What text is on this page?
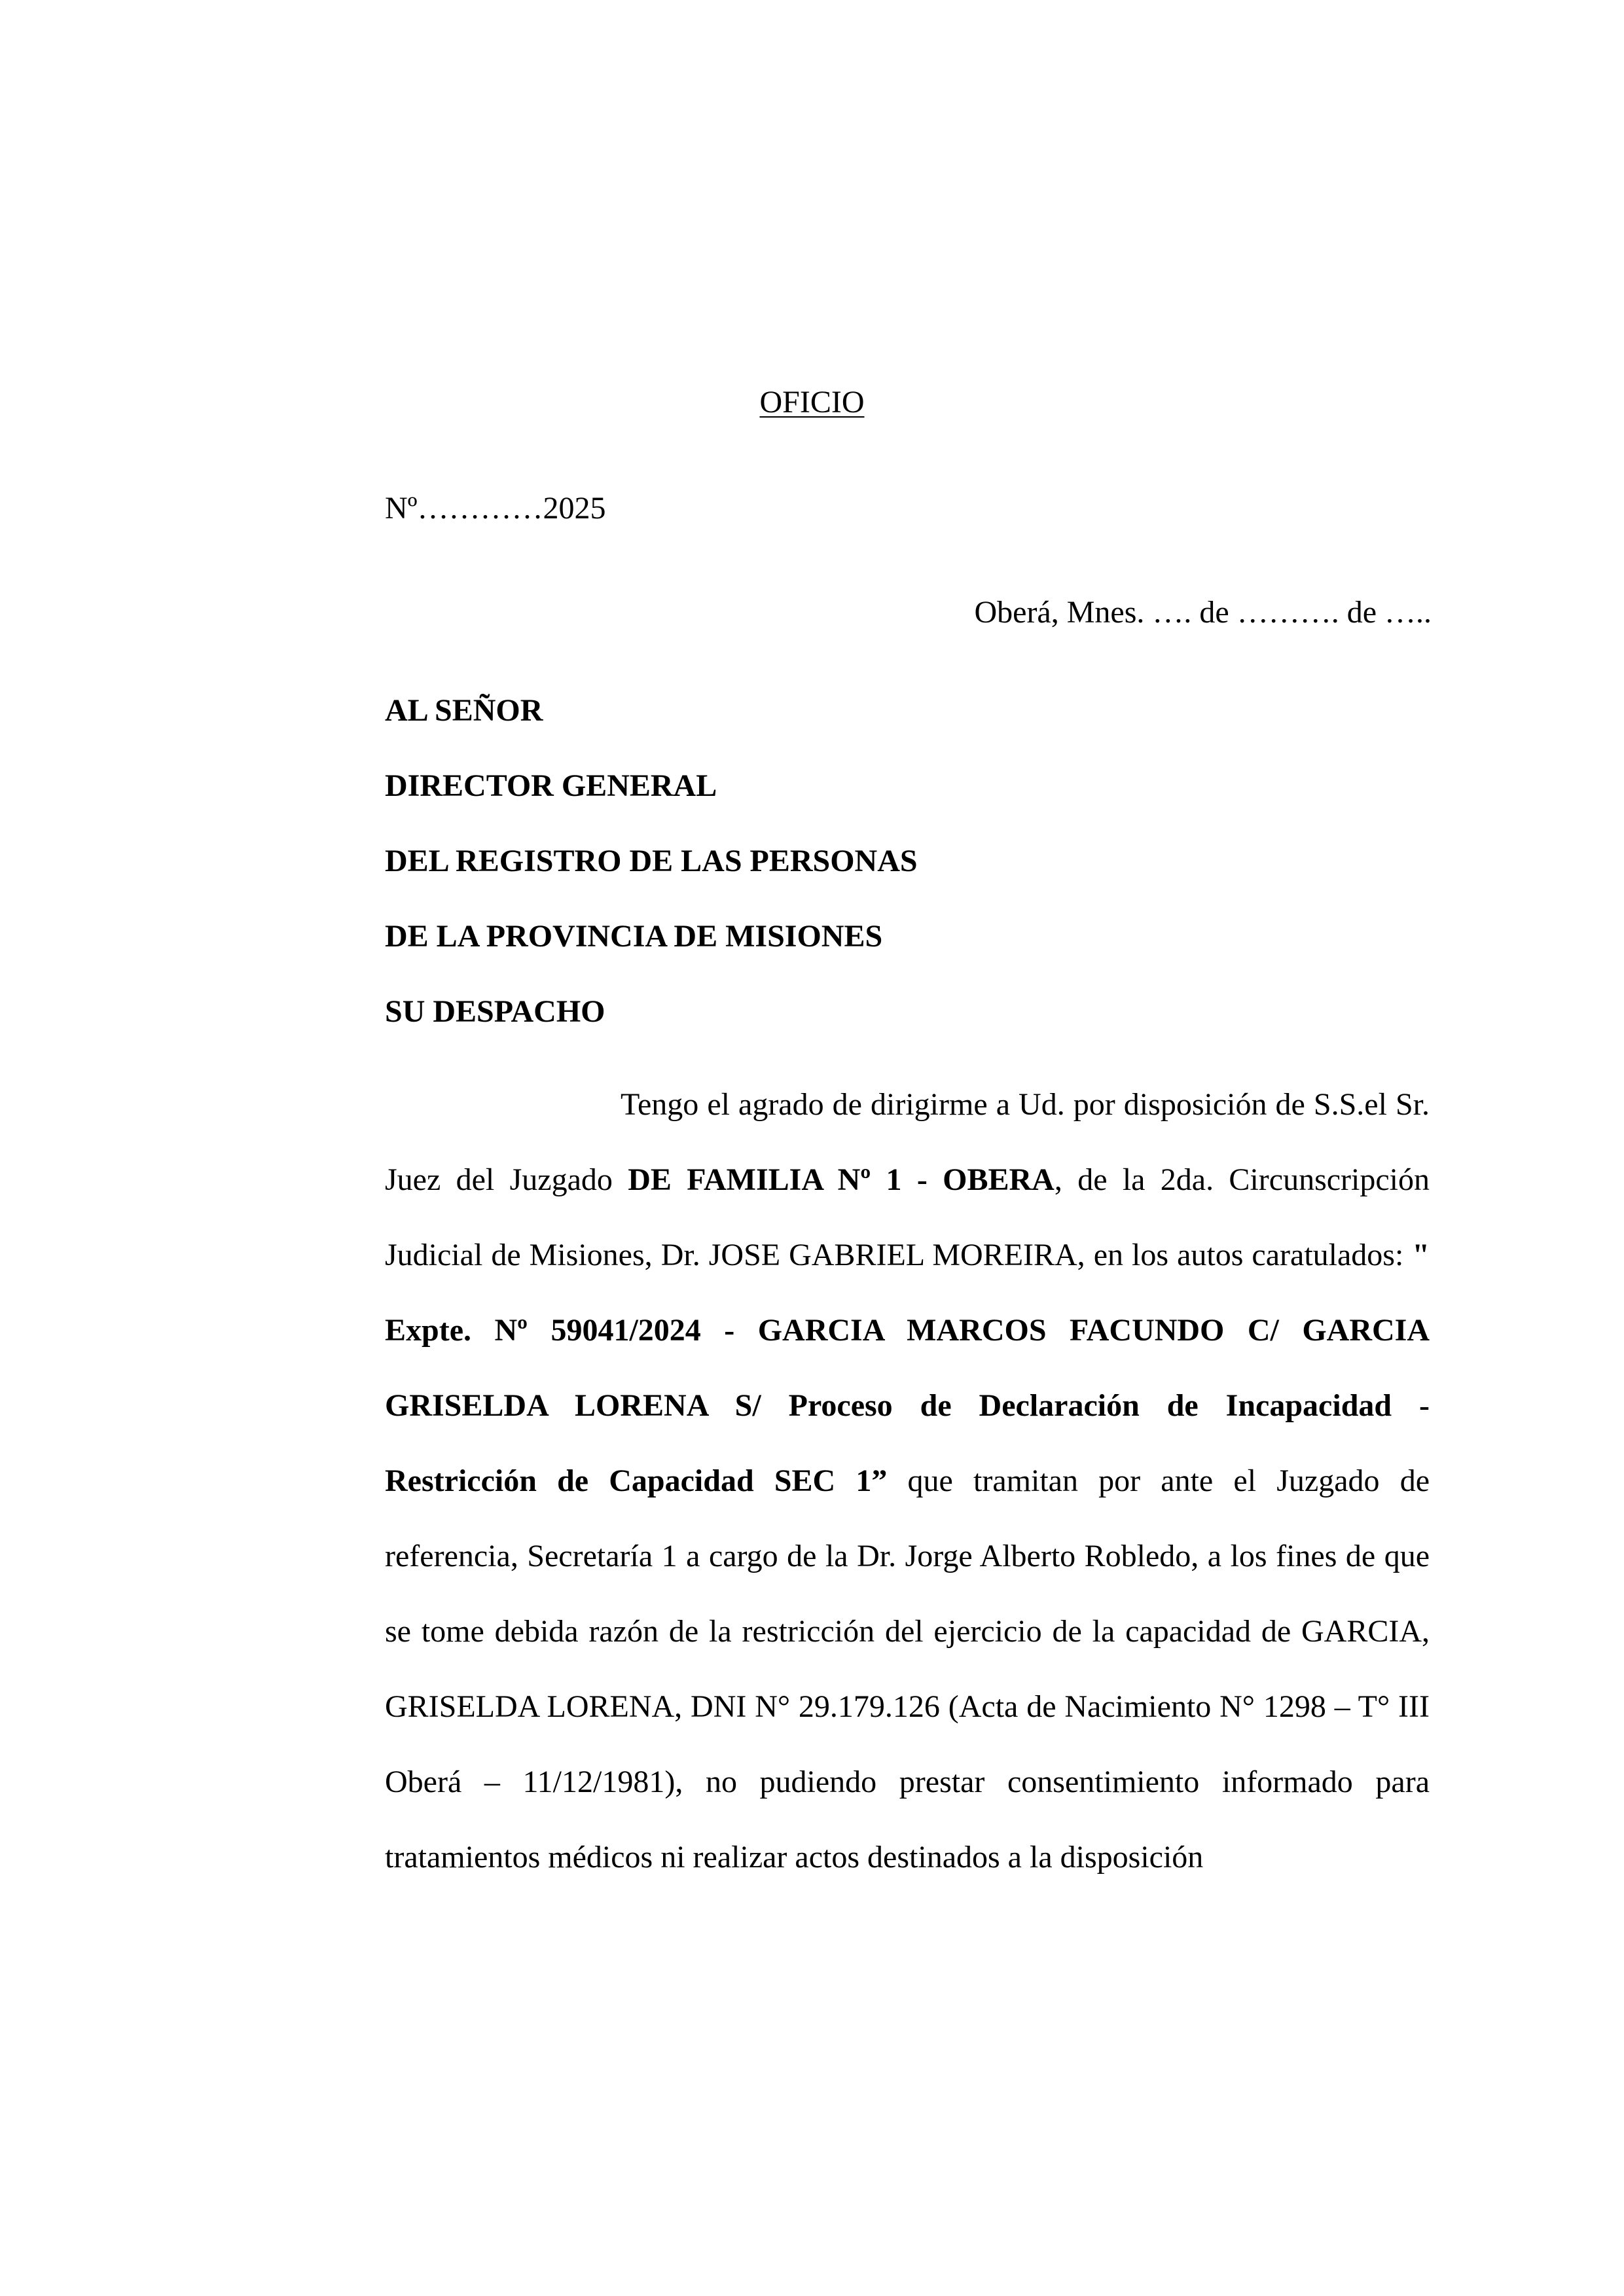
OFICIO
Nº…………2025
Oberá, Mnes. …. de ………. de …..
AL SEÑOR
DIRECTOR GENERAL
DEL REGISTRO DE LAS PERSONAS
DE LA PROVINCIA DE MISIONES
SU DESPACHO
Tengo el agrado de dirigirme a Ud. por disposición de S.S.el Sr. Juez del Juzgado DE FAMILIA Nº 1 - OBERA, de la 2da. Circunscripción Judicial de Misiones, Dr. JOSE GABRIEL MOREIRA, en los autos caratulados: " Expte. Nº 59041/2024 - GARCIA MARCOS FACUNDO C/ GARCIA GRISELDA LORENA S/ Proceso de Declaración de Incapacidad - Restricción de Capacidad SEC 1” que tramitan por ante el Juzgado de referencia, Secretaría 1 a cargo de la Dr. Jorge Alberto Robledo, a los fines de que se tome debida razón de la restricción del ejercicio de la capacidad de GARCIA, GRISELDA LORENA, DNI N° 29.179.126 (Acta de Nacimiento N° 1298 – T° III Oberá – 11/12/1981), no pudiendo prestar consentimiento informado para tratamientos médicos ni realizar actos destinados a la disposición
